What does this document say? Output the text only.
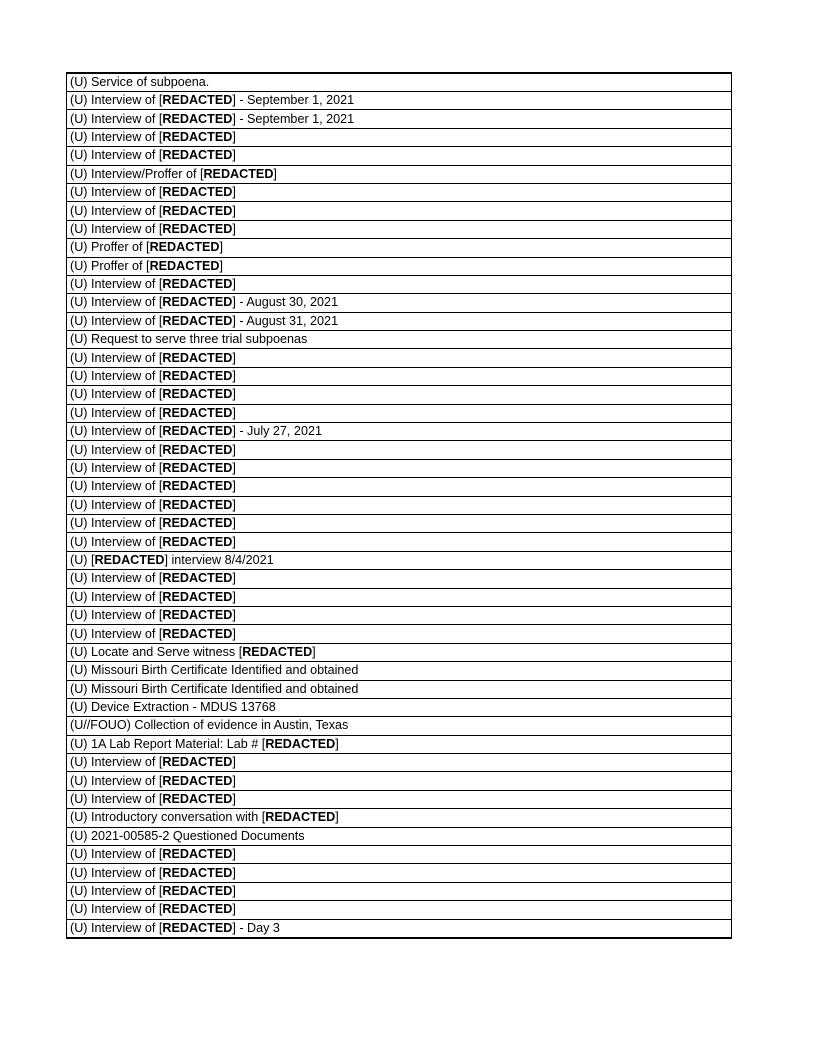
(U) Service of subpoena.
(U) Interview of [REDACTED] - September 1, 2021
(U) Interview of [REDACTED] - September 1, 2021
(U) Interview of [REDACTED]
(U) Interview of [REDACTED]
(U) Interview/Proffer of [REDACTED]
(U) Interview of [REDACTED]
(U) Interview of [REDACTED]
(U) Interview of [REDACTED]
(U) Proffer of [REDACTED]
(U) Proffer of [REDACTED]
(U) Interview of [REDACTED]
(U) Interview of [REDACTED] - August 30, 2021
(U) Interview of [REDACTED] - August 31, 2021
(U) Request to serve three trial subpoenas
(U) Interview of [REDACTED]
(U) Interview of [REDACTED]
(U) Interview of [REDACTED]
(U) Interview of [REDACTED]
(U) Interview of [REDACTED] - July 27, 2021
(U) Interview of [REDACTED]
(U) Interview of [REDACTED]
(U) Interview of [REDACTED]
(U) Interview of [REDACTED]
(U) Interview of [REDACTED]
(U) Interview of [REDACTED]
(U) [REDACTED] interview 8/4/2021
(U) Interview of [REDACTED]
(U) Interview of [REDACTED]
(U) Interview of [REDACTED]
(U) Interview of [REDACTED]
(U) Locate and Serve witness [REDACTED]
(U) Missouri Birth Certificate Identified and obtained
(U) Missouri Birth Certificate Identified and obtained
(U) Device Extraction - MDUS 13768
(U//FOUO) Collection of evidence in Austin, Texas
(U) 1A Lab Report Material: Lab # [REDACTED]
(U) Interview of [REDACTED]
(U) Interview of [REDACTED]
(U) Interview of [REDACTED]
(U) Introductory conversation with [REDACTED]
(U) 2021-00585-2 Questioned Documents
(U) Interview of [REDACTED]
(U) Interview of [REDACTED]
(U) Interview of [REDACTED]
(U) Interview of [REDACTED]
(U) Interview of [REDACTED] - Day 3
